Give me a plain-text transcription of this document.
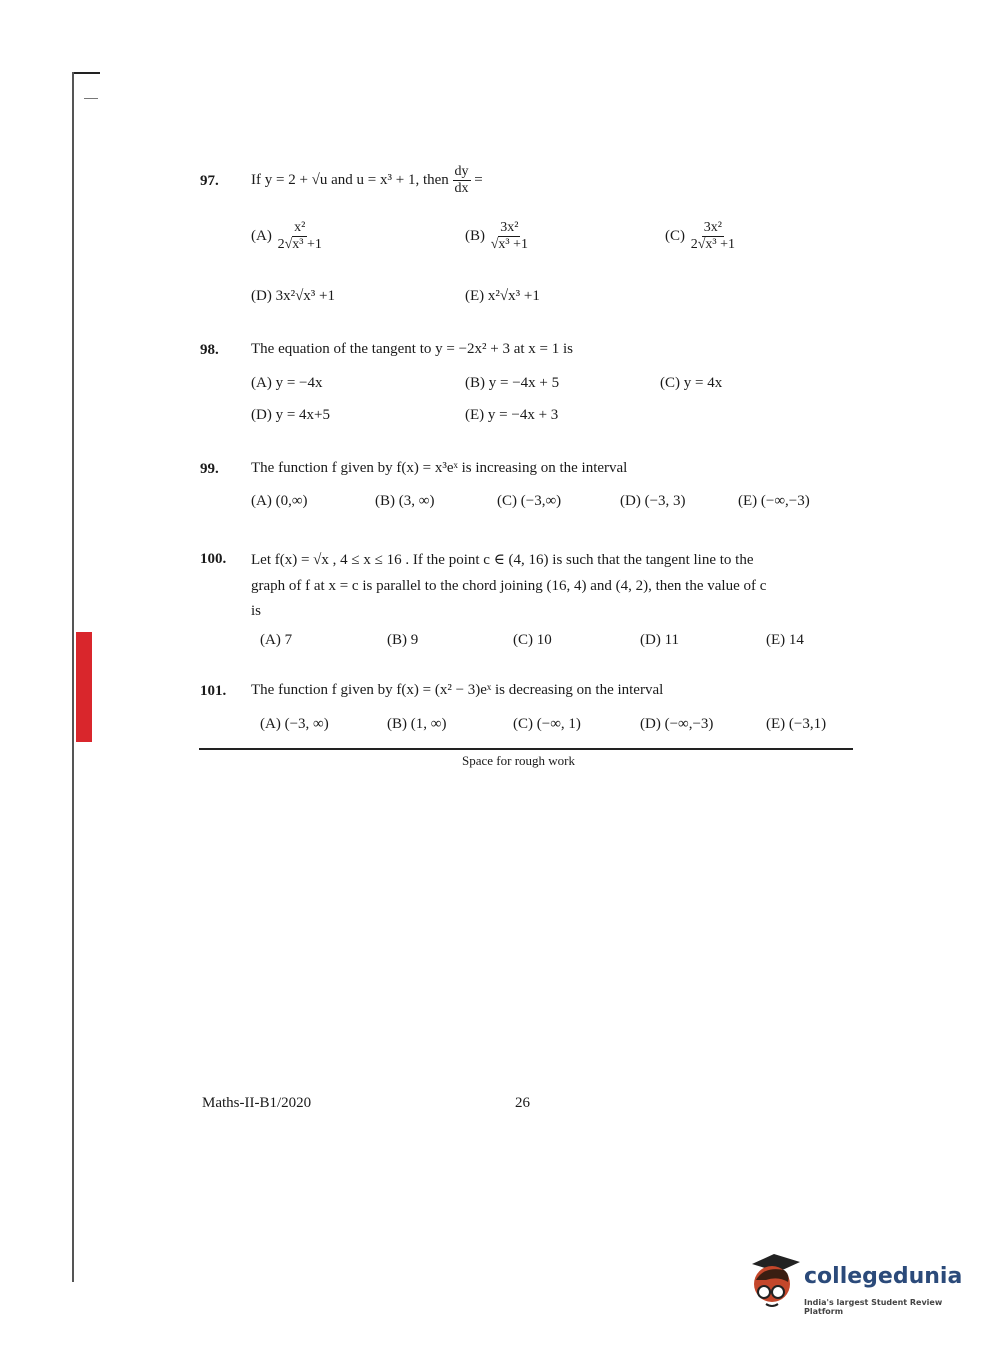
97. If y = 2 + √u and u = x³ + 1, then $\frac{dy}{dx}$ =
$(A) \frac{\text{x²}}{\text{2√x³ +1}}$	$(B) \frac{\text{3x²}}{\text{√x³ +1}}$	$(C) \frac{\text{3x²}}{\text{2√x³ +1}}$
(D) 3x²√x³ +1	(E) x²√x³ +1
98. The equation of the tangent to y = −2x² + 3 at x = 1 is
(A) y = −4x	(B) y = −4x + 5	(C) y = 4x
(D) y = 4x+5	(E) y = −4x + 3
99. The function f given by f(x) = x³eˣ is increasing on the interval
(A) (0,∞)	(B) (3, ∞)	(C) (−3,∞)	(D) (−3, 3)	(E) (−∞,−3)
100. Let f(x) = √x , 4 ≤ x ≤ 16 . If the point c ∈ (4, 16) is such that the tangent line to the
graph of f at x = c is parallel to the chord joining (16, 4) and (4, 2), then the value of c
is
(A) 7	(B) 9	(C) 10	(D) 11	(E) 14
101. The function f given by f(x) = (x² − 3)eˣ is decreasing on the interval
(A) (−3, ∞)	(B) (1, ∞)	(C) (−∞, 1)	(D) (−∞,−3)	(E) (−3,1)
Space for rough work
Maths-II-B1/2020	26
collegedunia
India's largest Student Review Platform
